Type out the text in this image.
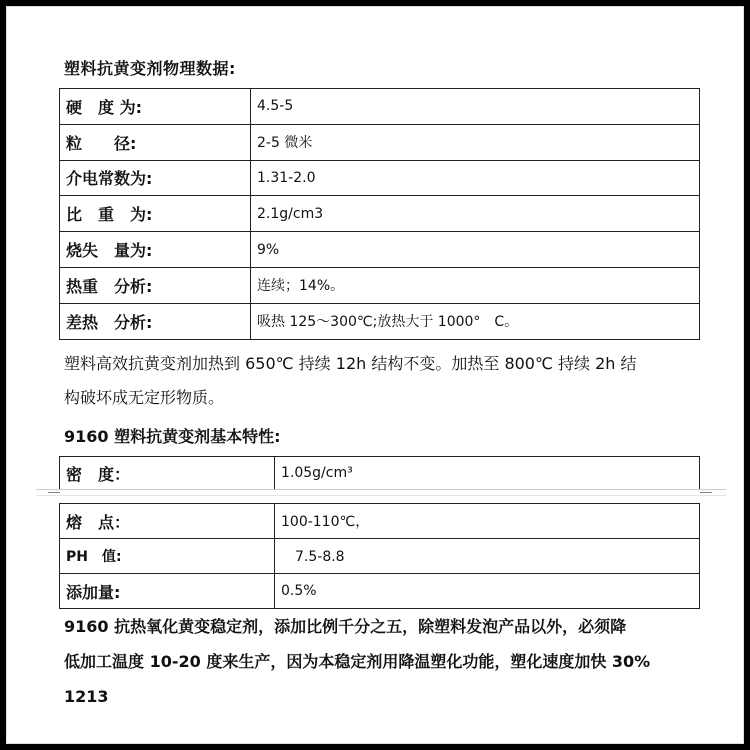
塑料抗黄变剂物理数据:
硬　度 为:	4.5-5
粒　　径:	2-5 微米
介电常数为:	1.31-2.0
比　重　为:	2.1g/cm3
烧失　量为:	9%
热重　分析:	连续；14%。
差热　分析:	吸热 125～300℃;放热大于 1000°　C。
塑料高效抗黄变剂加热到 650℃ 持续 12h 结构不变。加热至 800℃ 持续 2h 结
构破坏成无定形物质。
9160 塑料抗黄变剂基本特性:
密　度：	1.05g/cm³
熔　点：	100-110℃，
PH　值:	　7.5-8.8
添加量:	0.5%
9160 抗热氧化黄变稳定剂，添加比例千分之五，除塑料发泡产品以外，必须降
低加工温度 10-20 度来生产，因为本稳定剂用降温塑化功能，塑化速度加快 30%
1213
